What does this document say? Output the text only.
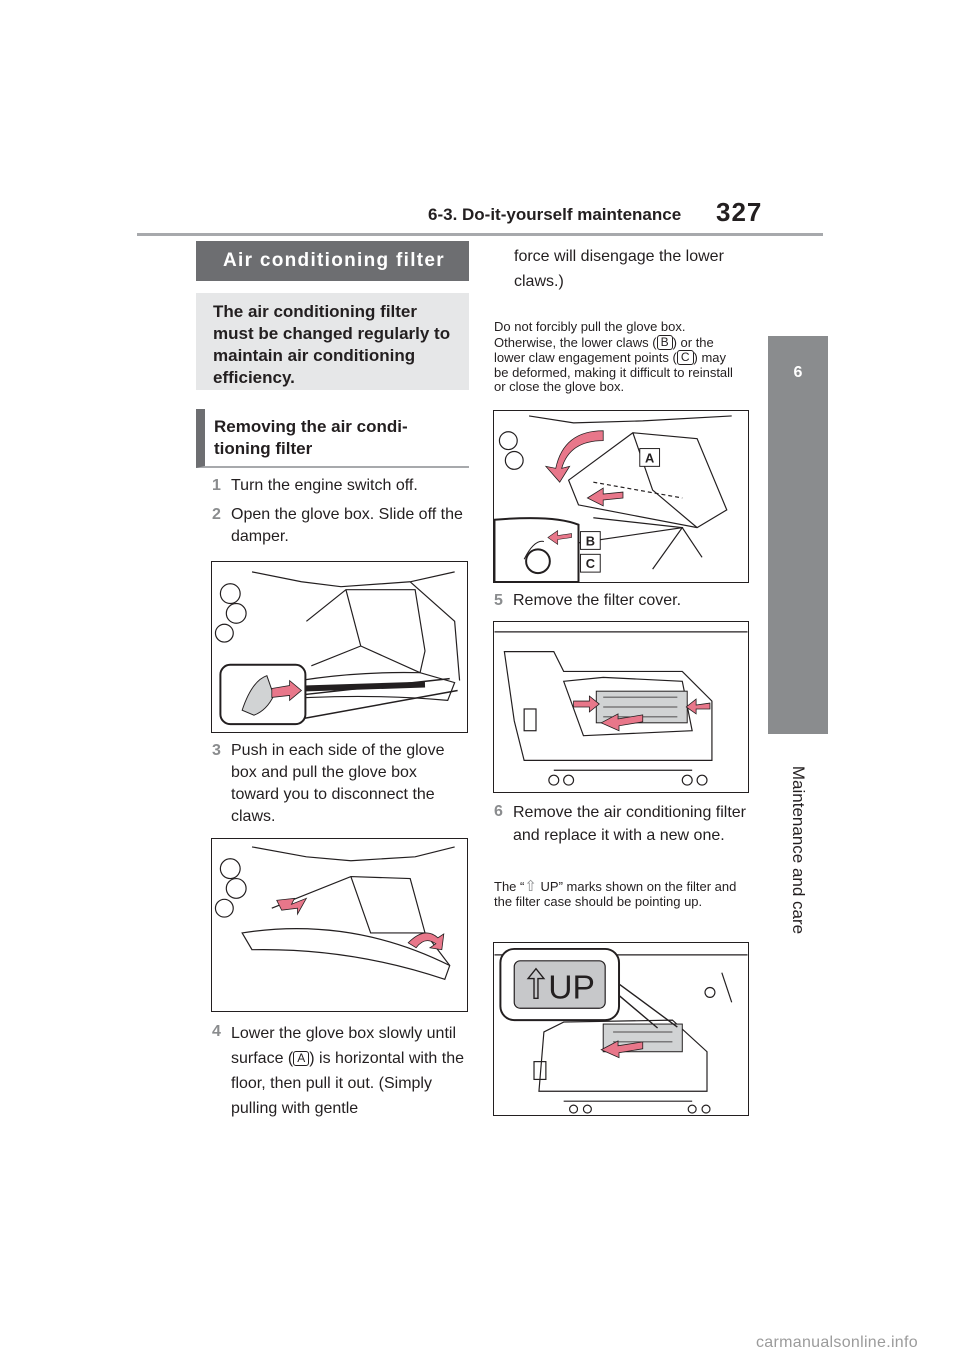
6-3. Do-it-yourself maintenance 327
6
Maintenance and care
Air conditioning filter
The air conditioning filter must be changed regularly to maintain air conditioning efficiency.
Removing the air condi-
tioning filter
1 Turn the engine switch off.
2 Open the glove box. Slide off the damper.
3 Push in each side of the glove box and pull the glove box toward you to disconnect the claws.
4 Lower the glove box slowly until surface ( A ) is horizontal with the floor, then pull it out. (Simply pulling with gentle
force will disengage the lower claws.)
Do not forcibly pull the glove box. Otherwise, the lower claws ( B ) or the lower claw engagement points ( C ) may be deformed, making it difficult to reinstall or close the glove box.
A
B
C
5 Remove the filter cover.
6 Remove the air conditioning filter and replace it with a new one.
The “⇧ UP” marks shown on the filter and the filter case should be pointing up.
UP
carmanualsonline.info
